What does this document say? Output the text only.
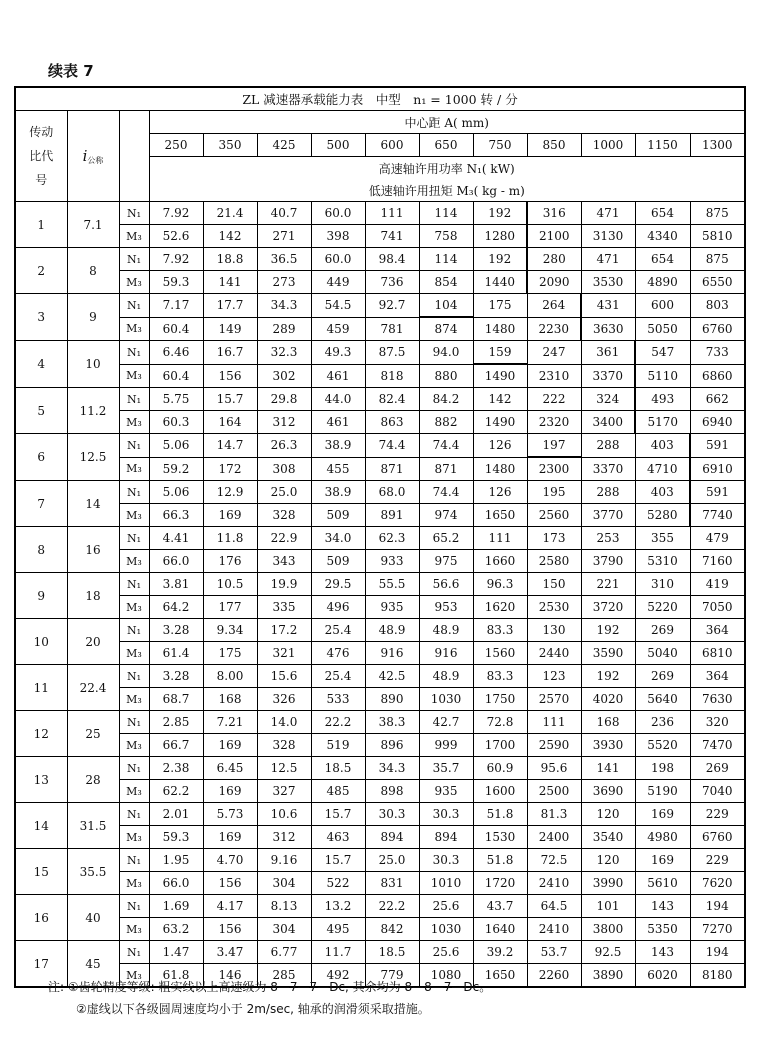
续表 7
ZL 减速器承载能力表　中型　n₁ = 1000 转 / 分													

传动
比代
号	$i_{公称}$		中心距 A( mm)										
			250	350	425	500	600	650	750	850	1000	1150	1300
			高速轴许用功率 N₁( kW)										
			低速轴许用扭矩 M₃( kg - m)										
1	7.1	N₁	7.92	21.4	40.7	60.0	111	114	192	316	471	654	875
		M₃	52.6	142	271	398	741	758	1280	2100	3130	4340	5810
2	8	N₁	7.92	18.8	36.5	60.0	98.4	114	192	280	471	654	875
		M₃	59.3	141	273	449	736	854	1440	2090	3530	4890	6550
3	9	N₁	7.17	17.7	34.3	54.5	92.7	104	175	264	431	600	803
		M₃	60.4	149	289	459	781	874	1480	2230	3630	5050	6760
4	10	N₁	6.46	16.7	32.3	49.3	87.5	94.0	159	247	361	547	733
		M₃	60.4	156	302	461	818	880	1490	2310	3370	5110	6860
5	11.2	N₁	5.75	15.7	29.8	44.0	82.4	84.2	142	222	324	493	662
		M₃	60.3	164	312	461	863	882	1490	2320	3400	5170	6940
6	12.5	N₁	5.06	14.7	26.3	38.9	74.4	74.4	126	197	288	403	591
		M₃	59.2	172	308	455	871	871	1480	2300	3370	4710	6910
7	14	N₁	5.06	12.9	25.0	38.9	68.0	74.4	126	195	288	403	591
		M₃	66.3	169	328	509	891	974	1650	2560	3770	5280	7740
8	16	N₁	4.41	11.8	22.9	34.0	62.3	65.2	111	173	253	355	479
		M₃	66.0	176	343	509	933	975	1660	2580	3790	5310	7160
9	18	N₁	3.81	10.5	19.9	29.5	55.5	56.6	96.3	150	221	310	419
		M₃	64.2	177	335	496	935	953	1620	2530	3720	5220	7050
10	20	N₁	3.28	9.34	17.2	25.4	48.9	48.9	83.3	130	192	269	364
		M₃	61.4	175	321	476	916	916	1560	2440	3590	5040	6810
11	22.4	N₁	3.28	8.00	15.6	25.4	42.5	48.9	83.3	123	192	269	364
		M₃	68.7	168	326	533	890	1030	1750	2570	4020	5640	7630
12	25	N₁	2.85	7.21	14.0	22.2	38.3	42.7	72.8	111	168	236	320
		M₃	66.7	169	328	519	896	999	1700	2590	3930	5520	7470
13	28	N₁	2.38	6.45	12.5	18.5	34.3	35.7	60.9	95.6	141	198	269
		M₃	62.2	169	327	485	898	935	1600	2500	3690	5190	7040
14	31.5	N₁	2.01	5.73	10.6	15.7	30.3	30.3	51.8	81.3	120	169	229
		M₃	59.3	169	312	463	894	894	1530	2400	3540	4980	6760
15	35.5	N₁	1.95	4.70	9.16	15.7	25.0	30.3	51.8	72.5	120	169	229
		M₃	66.0	156	304	522	831	1010	1720	2410	3990	5610	7620
16	40	N₁	1.69	4.17	8.13	13.2	22.2	25.6	43.7	64.5	101	143	194
		M₃	63.2	156	304	495	842	1030	1640	2410	3800	5350	7270
17	45	N₁	1.47	3.47	6.77	11.7	18.5	25.6	39.2	53.7	92.5	143	194
		M₃	61.8	146	285	492	779	1080	1650	2260	3890	6020	8180
注: ①齿轮精度等级: 粗实线以上高速级为 8—7—7—Dc, 其余均为 8—8—7—Dc。
②虚线以下各级圆周速度均小于 2m/sec, 轴承的润滑须采取措施。
